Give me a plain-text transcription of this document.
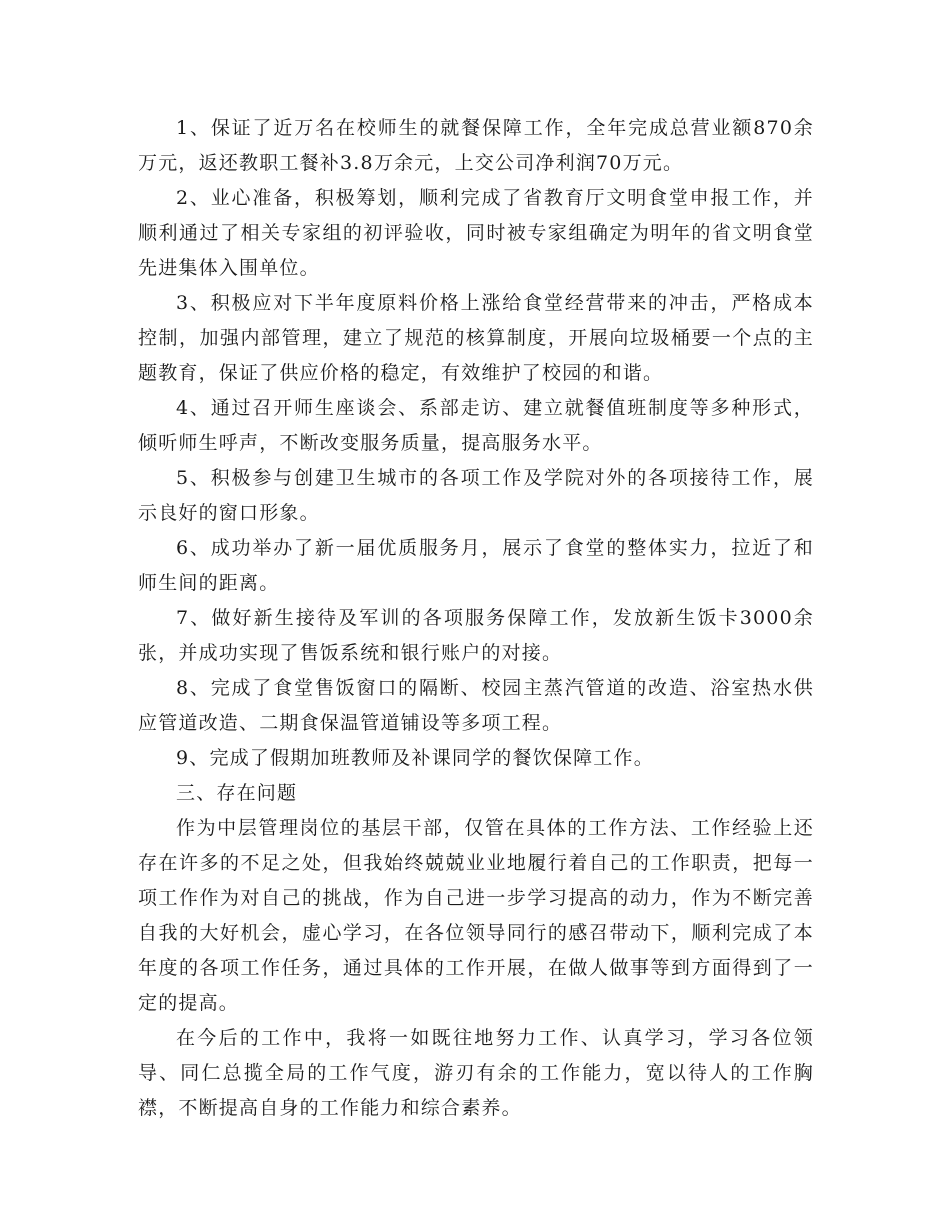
1、保证了近万名在校师生的就餐保障工作，全年完成总营业额870余万元，返还教职工餐补3.8万余元，上交公司净利润70万元。

2、业心准备，积极筹划，顺利完成了省教育厅文明食堂申报工作，并顺利通过了相关专家组的初评验收，同时被专家组确定为明年的省文明食堂先进集体入围单位。

3、积极应对下半年度原料价格上涨给食堂经营带来的冲击，严格成本控制，加强内部管理，建立了规范的核算制度，开展向垃圾桶要一个点的主题教育，保证了供应价格的稳定，有效维护了校园的和谐。

4、通过召开师生座谈会、系部走访、建立就餐值班制度等多种形式，倾听师生呼声，不断改变服务质量，提高服务水平。

5、积极参与创建卫生城市的各项工作及学院对外的各项接待工作，展示良好的窗口形象。

6、成功举办了新一届优质服务月，展示了食堂的整体实力，拉近了和师生间的距离。

7、做好新生接待及军训的各项服务保障工作，发放新生饭卡3000余张，并成功实现了售饭系统和银行账户的对接。

8、完成了食堂售饭窗口的隔断、校园主蒸汽管道的改造、浴室热水供应管道改造、二期食保温管道铺设等多项工程。

9、完成了假期加班教师及补课同学的餐饮保障工作。

三、存在问题

作为中层管理岗位的基层干部，仅管在具体的工作方法、工作经验上还存在许多的不足之处，但我始终兢兢业业地履行着自己的工作职责，把每一项工作作为对自己的挑战，作为自己进一步学习提高的动力，作为不断完善自我的大好机会，虚心学习，在各位领导同行的感召带动下，顺利完成了本年度的各项工作任务，通过具体的工作开展，在做人做事等到方面得到了一定的提高。

在今后的工作中，我将一如既往地努力工作、认真学习，学习各位领导、同仁总揽全局的工作气度，游刃有余的工作能力，宽以待人的工作胸襟，不断提高自身的工作能力和综合素养。
